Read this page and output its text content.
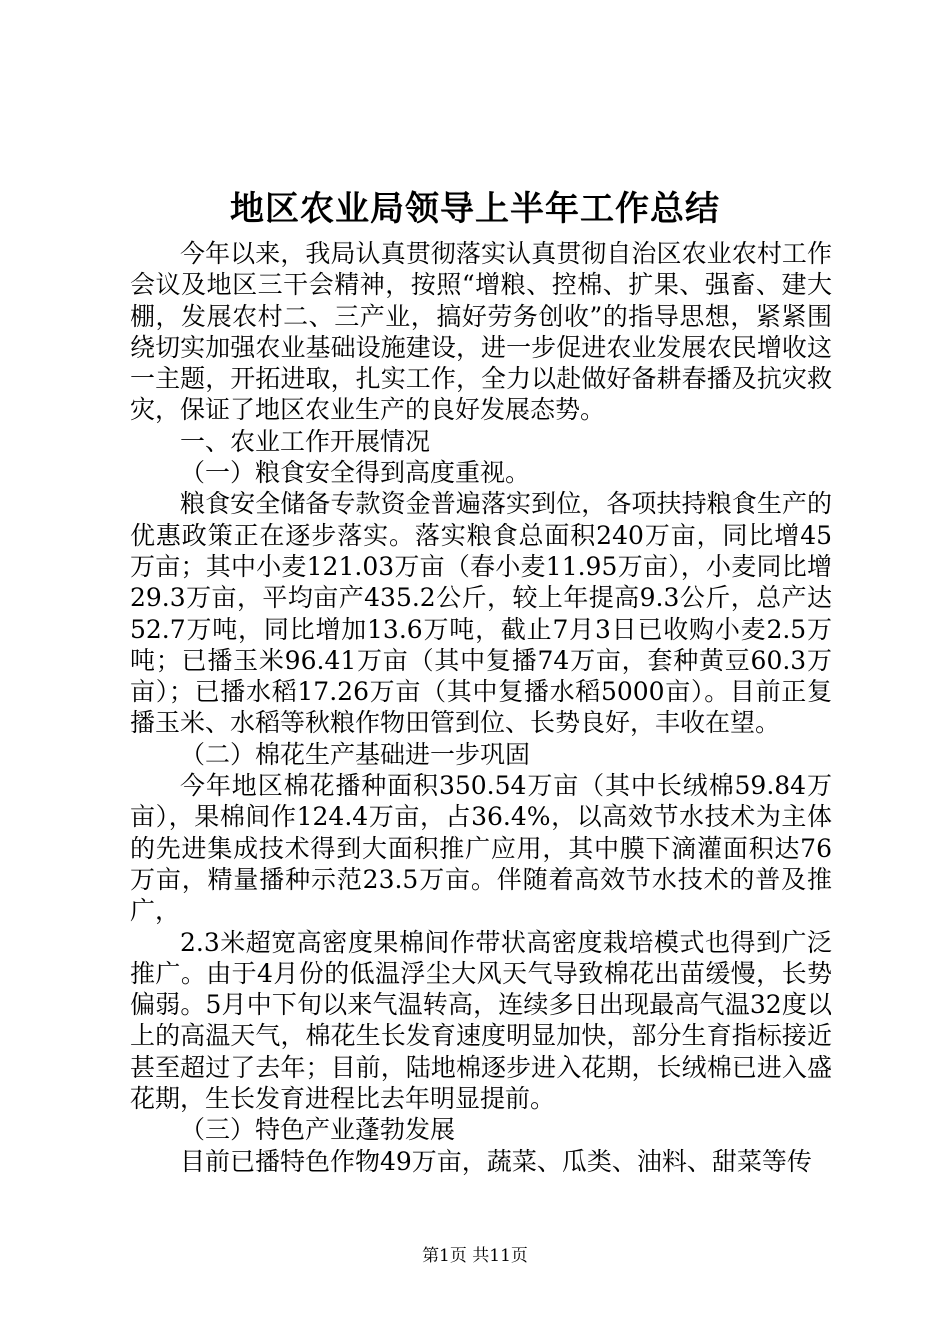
地区农业局领导上半年工作总结

今年以来，我局认真贯彻落实认真贯彻自治区农业农村工作会议及地区三干会精神，按照“增粮、控棉、扩果、强畜、建大棚，发展农村二、三产业，搞好劳务创收”的指导思想，紧紧围绕切实加强农业基础设施建设，进一步促进农业发展农民增收这一主题，开拓进取，扎实工作，全力以赴做好备耕春播及抗灾救灾，保证了地区农业生产的良好发展态势。

一、农业工作开展情况

（一）粮食安全得到高度重视。

粮食安全储备专款资金普遍落实到位，各项扶持粮食生产的优惠政策正在逐步落实。落实粮食总面积240万亩，同比增45万亩；其中小麦121.03万亩（春小麦11.95万亩），小麦同比增29.3万亩，平均亩产435.2公斤，较上年提高9.3公斤，总产达52.7万吨，同比增加13.6万吨，截止7月3日已收购小麦2.5万吨；已播玉米96.41万亩（其中复播74万亩，套种黄豆60.3万亩）；已播水稻17.26万亩（其中复播水稻5000亩）。目前正复播玉米、水稻等秋粮作物田管到位、长势良好，丰收在望。

（二）棉花生产基础进一步巩固

今年地区棉花播种面积350.54万亩（其中长绒棉59.84万亩），果棉间作124.4万亩，占36.4%，以高效节水技术为主体的先进集成技术得到大面积推广应用，其中膜下滴灌面积达76万亩，精量播种示范23.5万亩。伴随着高效节水技术的普及推广，

2.3米超宽高密度果棉间作带状高密度栽培模式也得到广泛推广。由于4月份的低温浮尘大风天气导致棉花出苗缓慢，长势偏弱。5月中下旬以来气温转高，连续多日出现最高气温32度以上的高温天气，棉花生长发育速度明显加快，部分生育指标接近甚至超过了去年；目前，陆地棉逐步进入花期，长绒棉已进入盛花期，生长发育进程比去年明显提前。

（三）特色产业蓬勃发展

目前已播特色作物49万亩，蔬菜、瓜类、油料、甜菜等传

第1页 共11页
